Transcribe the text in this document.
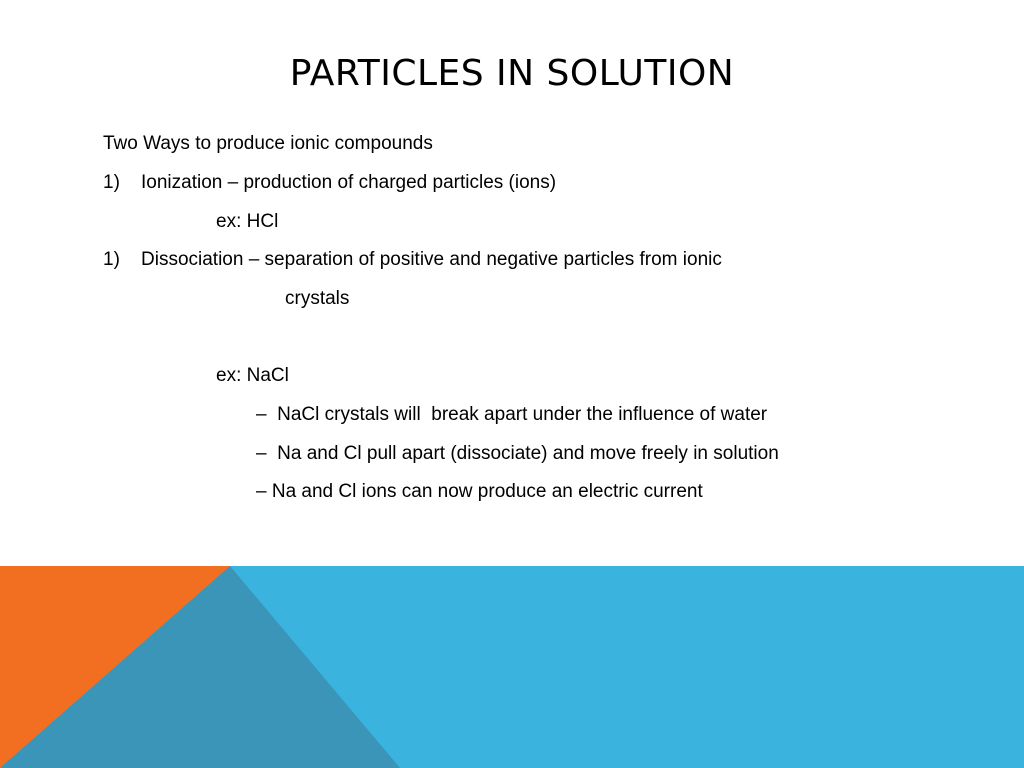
PARTICLES IN SOLUTION

Two Ways to produce ionic compounds

1) Ionization – production of charged particles (ions)

ex: HCl

1) Dissociation – separation of positive and negative particles from ionic

crystals

ex: NaCl

–  NaCl crystals will  break apart under the influence of water

–  Na and Cl pull apart (dissociate) and move freely in solution

– Na and Cl ions can now produce an electric current
